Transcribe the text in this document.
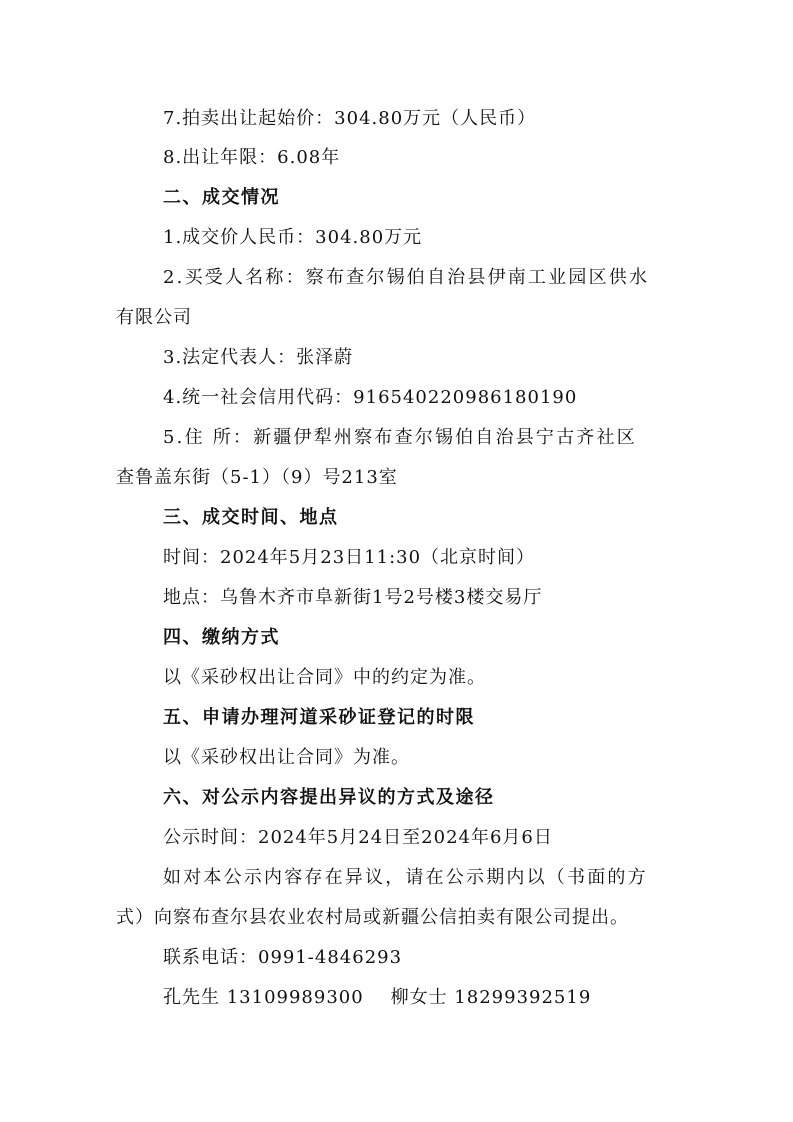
7.拍卖出让起始价：304.80万元（人民币）
8.出让年限：6.08年
二、成交情况
1.成交价人民币：304.80万元
2.买受人名称：察布查尔锡伯自治县伊南工业园区供水
有限公司
3.法定代表人：张泽蔚
4.统一社会信用代码：916540220986180190
5.住 所：新疆伊犁州察布查尔锡伯自治县宁古齐社区
查鲁盖东街（5-1）（9）号213室
三、成交时间、地点
时间：2024年5月23日11:30（北京时间）
地点：乌鲁木齐市阜新街1号2号楼3楼交易厅
四、缴纳方式
以《采砂权出让合同》中的约定为准。
五、申请办理河道采砂证登记的时限
以《采砂权出让合同》为准。
六、对公示内容提出异议的方式及途径
公示时间：2024年5月24日至2024年6月6日
如对本公示内容存在异议，请在公示期内以（书面的方
式）向察布查尔县农业农村局或新疆公信拍卖有限公司提出。
联系电话：0991-4846293
孔先生 13109989300    柳女士 18299392519
